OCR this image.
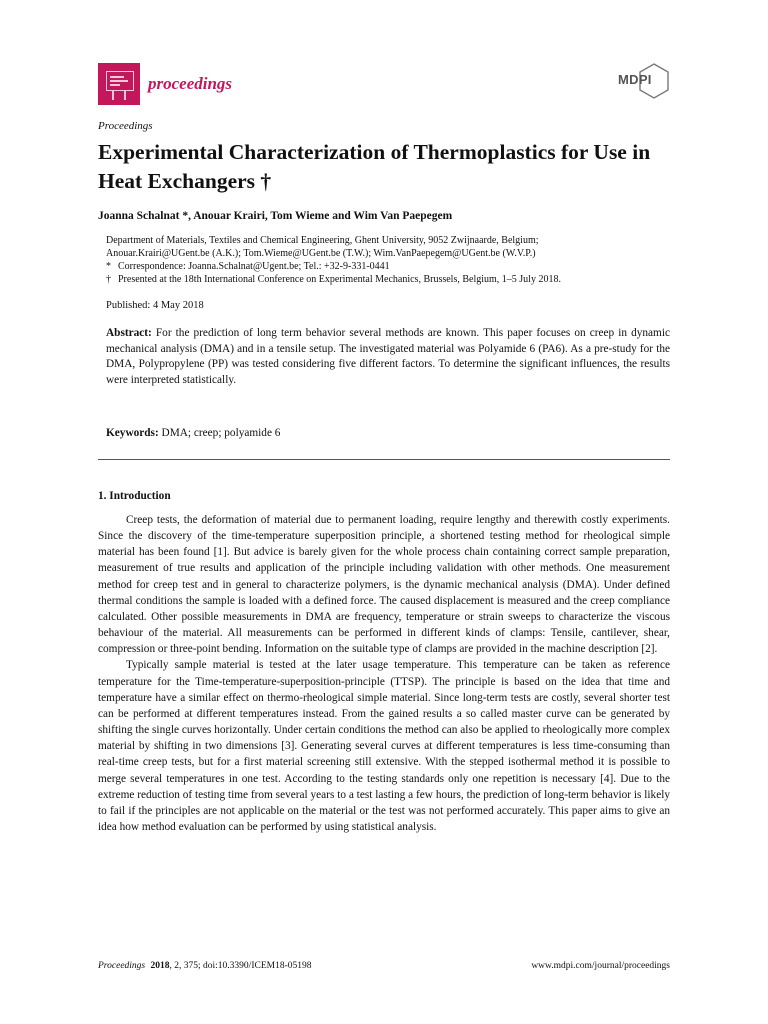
proceedings	MDPI
Proceedings
Experimental Characterization of Thermoplastics for Use in Heat Exchangers †
Joanna Schalnat *, Anouar Krairi, Tom Wieme and Wim Van Paepegem
Department of Materials, Textiles and Chemical Engineering, Ghent University, 9052 Zwijnaarde, Belgium;
Anouar.Krairi@UGent.be (A.K.); Tom.Wieme@UGent.be (T.W.); Wim.VanPaepegem@UGent.be (W.V.P.)
* Correspondence: Joanna.Schalnat@Ugent.be; Tel.: +32-9-331-0441
† Presented at the 18th International Conference on Experimental Mechanics, Brussels, Belgium, 1–5 July 2018.
Published: 4 May 2018
Abstract: For the prediction of long term behavior several methods are known. This paper focuses on creep in dynamic mechanical analysis (DMA) and in a tensile setup. The investigated material was Polyamide 6 (PA6). As a pre-study for the DMA, Polypropylene (PP) was tested considering five different factors. To determine the significant influences, the results were interpreted statistically.
Keywords: DMA; creep; polyamide 6
1. Introduction

Creep tests, the deformation of material due to permanent loading, require lengthy and therewith costly experiments. Since the discovery of the time-temperature superposition principle, a shortened testing method for rheological simple material has been found [1]. But advice is barely given for the whole process chain containing correct sample preparation, measurement of true results and application of the principle including validation with other methods. One measurement method for creep test and in general to characterize polymers, is the dynamic mechanical analysis (DMA). Under defined thermal conditions the sample is loaded with a defined force. The caused displacement is measured and the creep compliance calculated. Other possible measurements in DMA are frequency, temperature or strain sweeps to characterize the viscous behaviour of the material. All measurements can be performed in different kinds of clamps: Tensile, cantilever, shear, compression or three-point bending. Information on the suitable type of clamps are provided in the machine description [2].

Typically sample material is tested at the later usage temperature. This temperature can be taken as reference temperature for the Time-temperature-superposition-principle (TTSP). The principle is based on the idea that time and temperature have a similar effect on thermo-rheological simple material. Since long-term tests are costly, several shorter test can be performed at different temperatures instead. From the gained results a so called master curve can be generated by shifting the single curves horizontally. Under certain conditions the method can also be applied to rheologically more complex material by shifting in two dimensions [3]. Generating several curves at different temperatures is less time-consuming than real-time creep tests, but for a first material screening still extensive. With the stepped isothermal method it is possible to merge several temperatures in one test. According to the testing standards only one repetition is necessary [4]. Due to the extreme reduction of testing time from several years to a test lasting a few hours, the prediction of long-term behavior is likely to fail if the principles are not applicable on the material or the test was not performed accurately. This paper aims to give an idea how method evaluation can be performed by using statistical analysis.

Proceedings 2018, 2, 375; doi:10.3390/ICEM18-05198	www.mdpi.com/journal/proceedings
